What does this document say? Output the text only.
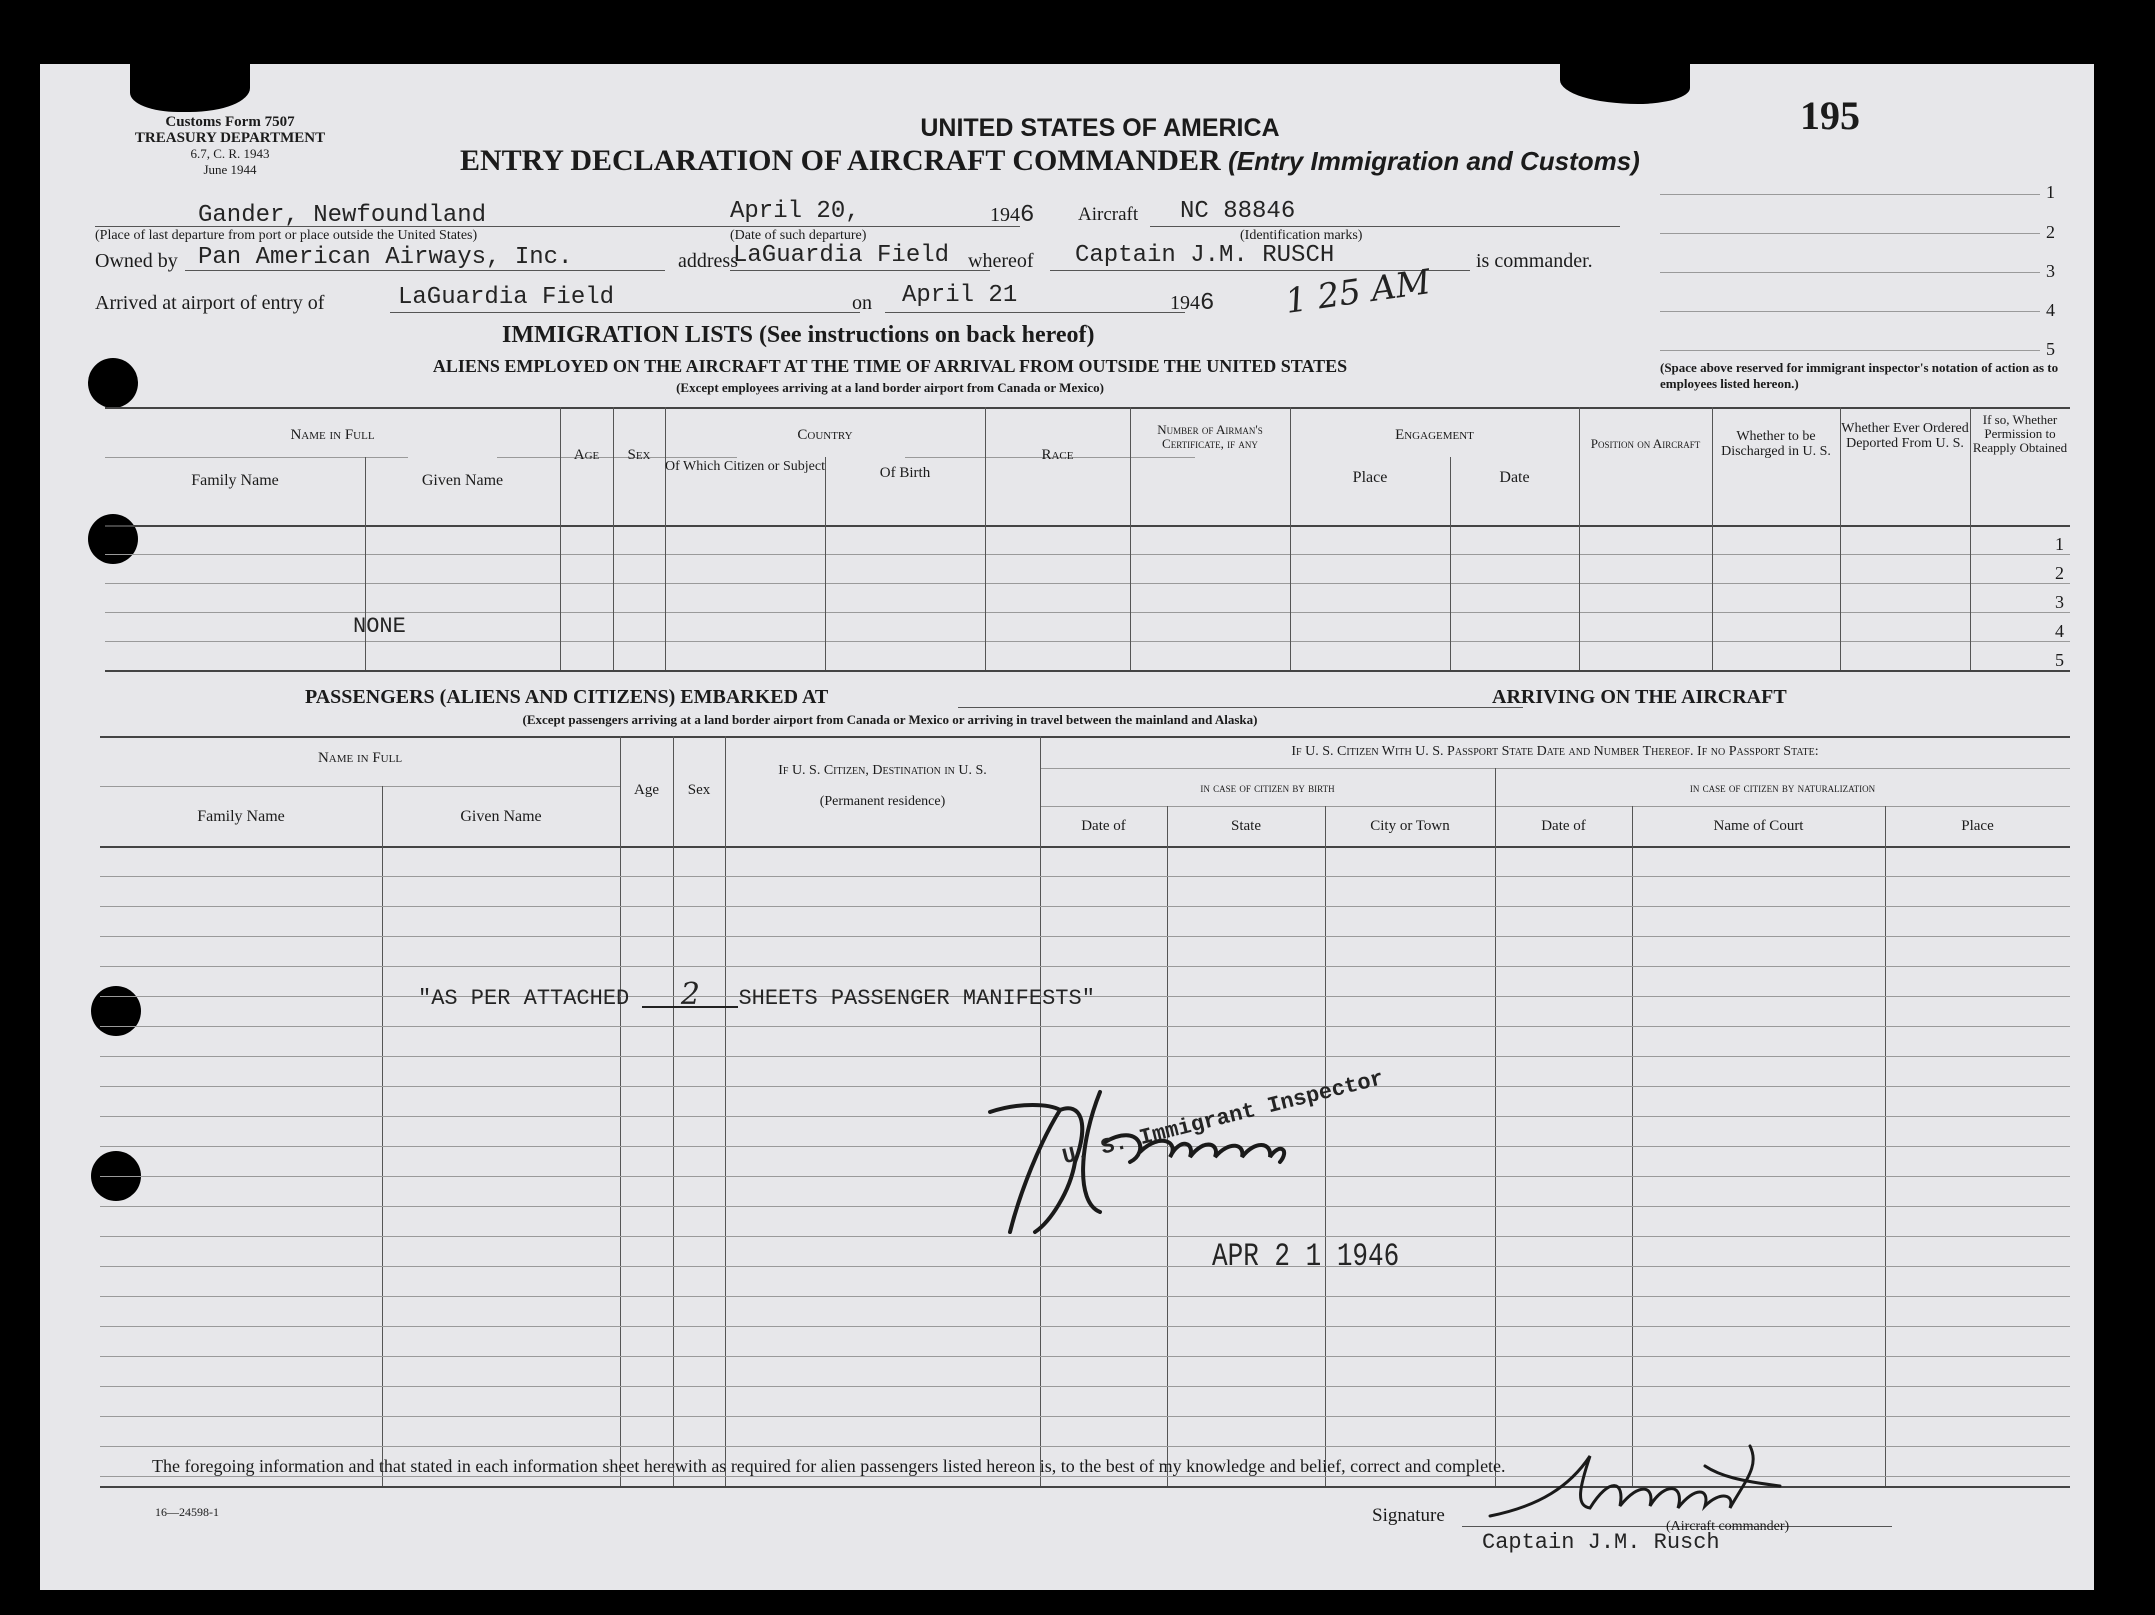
Customs Form 7507
TREASURY DEPARTMENT
6.7, C. R. 1943
June 1944
195
UNITED STATES OF AMERICA
ENTRY DECLARATION OF AIRCRAFT COMMANDER (Entry Immigration and Customs)
1
2
3
4
5
(Space above reserved for immigrant inspector's notation of action as to employees listed hereon.)
Gander, Newfoundland
(Place of last departure from port or place outside the United States)
April 20,
(Date of such departure)
1946 Aircraft NC 88846
(Identification marks)
Owned by Pan American Airways, Inc.	address
LaGuardia Field whereof Captain J.M. RUSCH	is commander.
Arrived at airport of entry of	LaGuardia Field	on April 21	1946 1 25 AM
IMMIGRATION LISTS (See instructions on back hereof)
ALIENS EMPLOYED ON THE AIRCRAFT AT THE TIME OF ARRIVAL FROM OUTSIDE THE UNITED STATES
(Except employees arriving at a land border airport from Canada or Mexico)
Name in Full
Family Name	Given Name
Age	Sex
Country
Of Which Citizen or Subject	Of Birth
Race
Number of Airman's Certificate, if any
Engagement
Place	Date
Position on Aircraft	Whether to be Discharged in U. S.
Whether Ever Ordered Deported From U. S.
If so, Whether Permission to Reapply Obtained
NONE
1
2
3
4
5
PASSENGERS (ALIENS AND CITIZENS) EMBARKED AT	ARRIVING ON THE AIRCRAFT
(Except passengers arriving at a land border airport from Canada or Mexico or arriving in travel between the mainland and Alaska)
Name in Full
Family Name	Given Name
Age	Sex
If U. S. Citizen, Destination in U. S.
(Permanent residence)
If U. S. Citizen With U. S. Passport State Date and Number Thereof. If no Passport State:
in case of citizen by birth	in case of citizen by naturalization
Date of	State	City or Town	Date of	Name of Court	Place
"AS PER ATTACHED 2 SHEETS PASSENGER MANIFESTS"
U. S. Immigrant Inspector
APR 2 1 1946
The foregoing information and that stated in each information sheet herewith as required for alien passengers listed hereon is, to the best of my knowledge and belief, correct and complete.
16—24598-1	Signature
(Aircraft commander)
Captain J.M. Rusch
